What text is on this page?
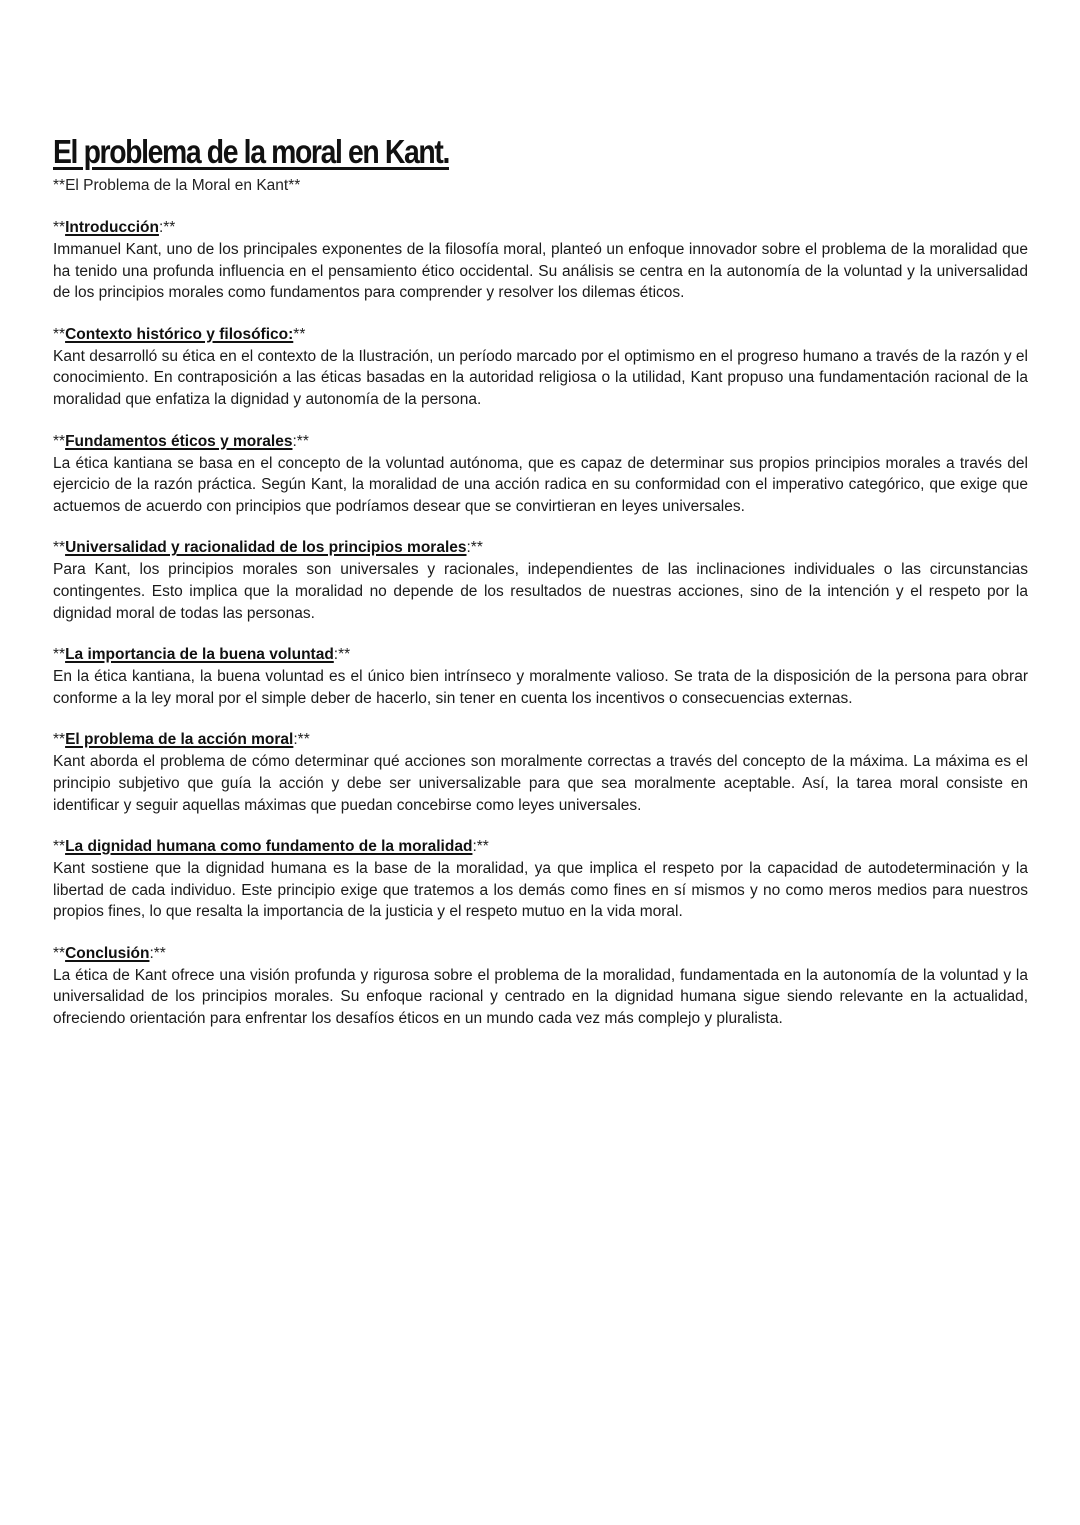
El problema de la moral en Kant.
**El Problema de la Moral en Kant**
**Introducción:**

Immanuel Kant, uno de los principales exponentes de la filosofía moral, planteó un enfoque innovador sobre el problema de la moralidad que ha tenido una profunda influencia en el pensamiento ético occidental. Su análisis se centra en la autonomía de la voluntad y la universalidad de los principios morales como fundamentos para comprender y resolver los dilemas éticos.

**Contexto histórico y filosófico:**

Kant desarrolló su ética en el contexto de la Ilustración, un período marcado por el optimismo en el progreso humano a través de la razón y el conocimiento. En contraposición a las éticas basadas en la autoridad religiosa o la utilidad, Kant propuso una fundamentación racional de la moralidad que enfatiza la dignidad y autonomía de la persona.

**Fundamentos éticos y morales:**

La ética kantiana se basa en el concepto de la voluntad autónoma, que es capaz de determinar sus propios principios morales a través del ejercicio de la razón práctica. Según Kant, la moralidad de una acción radica en su conformidad con el imperativo categórico, que exige que actuemos de acuerdo con principios que podríamos desear que se convirtieran en leyes universales.

**Universalidad y racionalidad de los principios morales:**

Para Kant, los principios morales son universales y racionales, independientes de las inclinaciones individuales o las circunstancias contingentes. Esto implica que la moralidad no depende de los resultados de nuestras acciones, sino de la intención y el respeto por la dignidad moral de todas las personas.

**La importancia de la buena voluntad:**

En la ética kantiana, la buena voluntad es el único bien intrínseco y moralmente valioso. Se trata de la disposición de la persona para obrar conforme a la ley moral por el simple deber de hacerlo, sin tener en cuenta los incentivos o consecuencias externas.

**El problema de la acción moral:**

Kant aborda el problema de cómo determinar qué acciones son moralmente correctas a través del concepto de la máxima. La máxima es el principio subjetivo que guía la acción y debe ser universalizable para que sea moralmente aceptable. Así, la tarea moral consiste en identificar y seguir aquellas máximas que puedan concebirse como leyes universales.

**La dignidad humana como fundamento de la moralidad:**

Kant sostiene que la dignidad humana es la base de la moralidad, ya que implica el respeto por la capacidad de autodeterminación y la libertad de cada individuo. Este principio exige que tratemos a los demás como fines en sí mismos y no como meros medios para nuestros propios fines, lo que resalta la importancia de la justicia y el respeto mutuo en la vida moral.

**Conclusión:**

La ética de Kant ofrece una visión profunda y rigurosa sobre el problema de la moralidad, fundamentada en la autonomía de la voluntad y la universalidad de los principios morales. Su enfoque racional y centrado en la dignidad humana sigue siendo relevante en la actualidad, ofreciendo orientación para enfrentar los desafíos éticos en un mundo cada vez más complejo y pluralista.
